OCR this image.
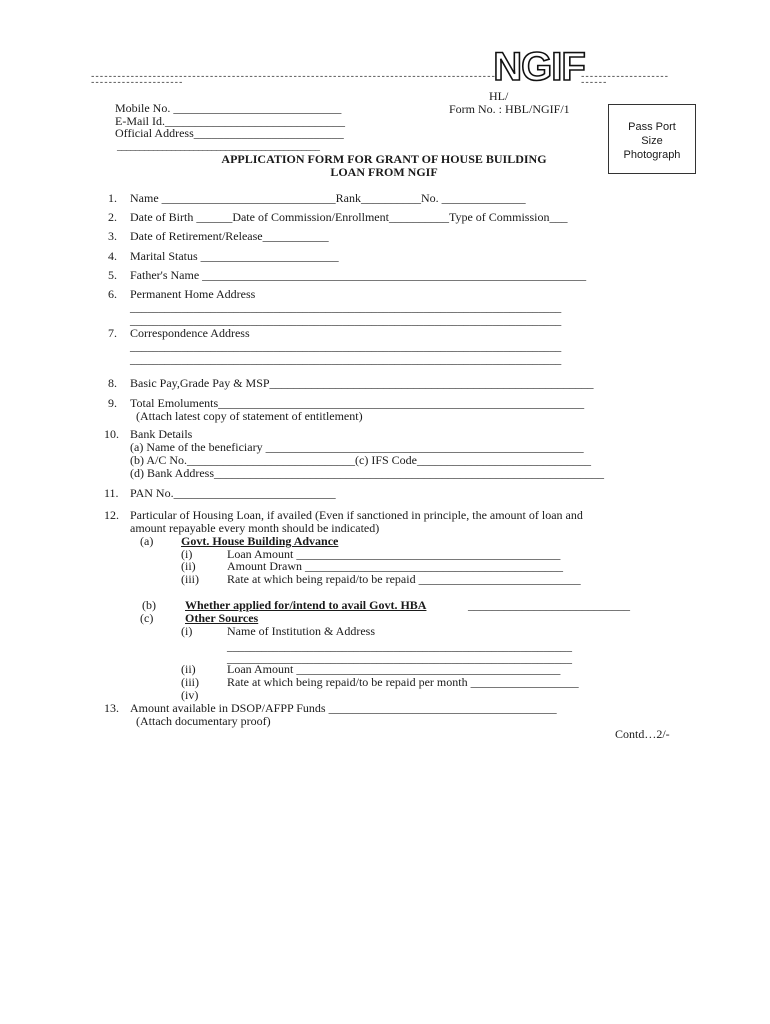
-----------------------------------------------------------------------------------------------------------------
--------------------------
NGIF
HL/
Form No. : HBL/NGIF/1
Mobile No. ____________________________
E-Mail Id.______________________________
Official Address_________________________
_____________________________________________
Pass Port
Size
Photograph
APPLICATION FORM FOR GRANT OF HOUSE BUILDING
LOAN FROM NGIF
1. Name _____________________________Rank__________No. ______________
2. Date of Birth ______Date of Commission/Enrollment__________Type of Commission___
3. Date of Retirement/Release___________
4. Marital Status _______________________
5. Father's Name ________________________________________________________________
6. Permanent Home Address
___________________________________________________________________________
___________________________________________________________________________
7. Correspondence Address
___________________________________________________________________________
___________________________________________________________________________
8. Basic Pay,Grade Pay & MSP______________________________________________________
9. Total Emoluments_____________________________________________________________
(Attach latest copy of statement of entitlement)
10. Bank Details
(a) Name of the beneficiary _____________________________________________________
(b) A/C No.____________________________(c) IFS Code_____________________________
(d) Bank Address_________________________________________________________________
11. PAN No.___________________________
12. Particular of Housing Loan, if availed (Even if sanctioned in principle, the amount of loan and
amount repayable every month should be indicated)
(a) Govt. House Building Advance
(i)	Loan Amount ____________________________________________
(ii)	Amount Drawn ___________________________________________
(iii) Rate at which being repaid/to be repaid ___________________________
(b) Whether applied for/intend to avail Govt. HBA	___________________________
(c)	Other Sources
(i)	Name of Institution & Address
____________________________________________________________
____________________________________________________________
(ii)	Loan Amount ____________________________________________
(iii) Rate at which being repaid/to be repaid per month __________________
(iv)
13. Amount available in DSOP/AFPP Funds ______________________________________
(Attach documentary proof)
Contd…2/-
